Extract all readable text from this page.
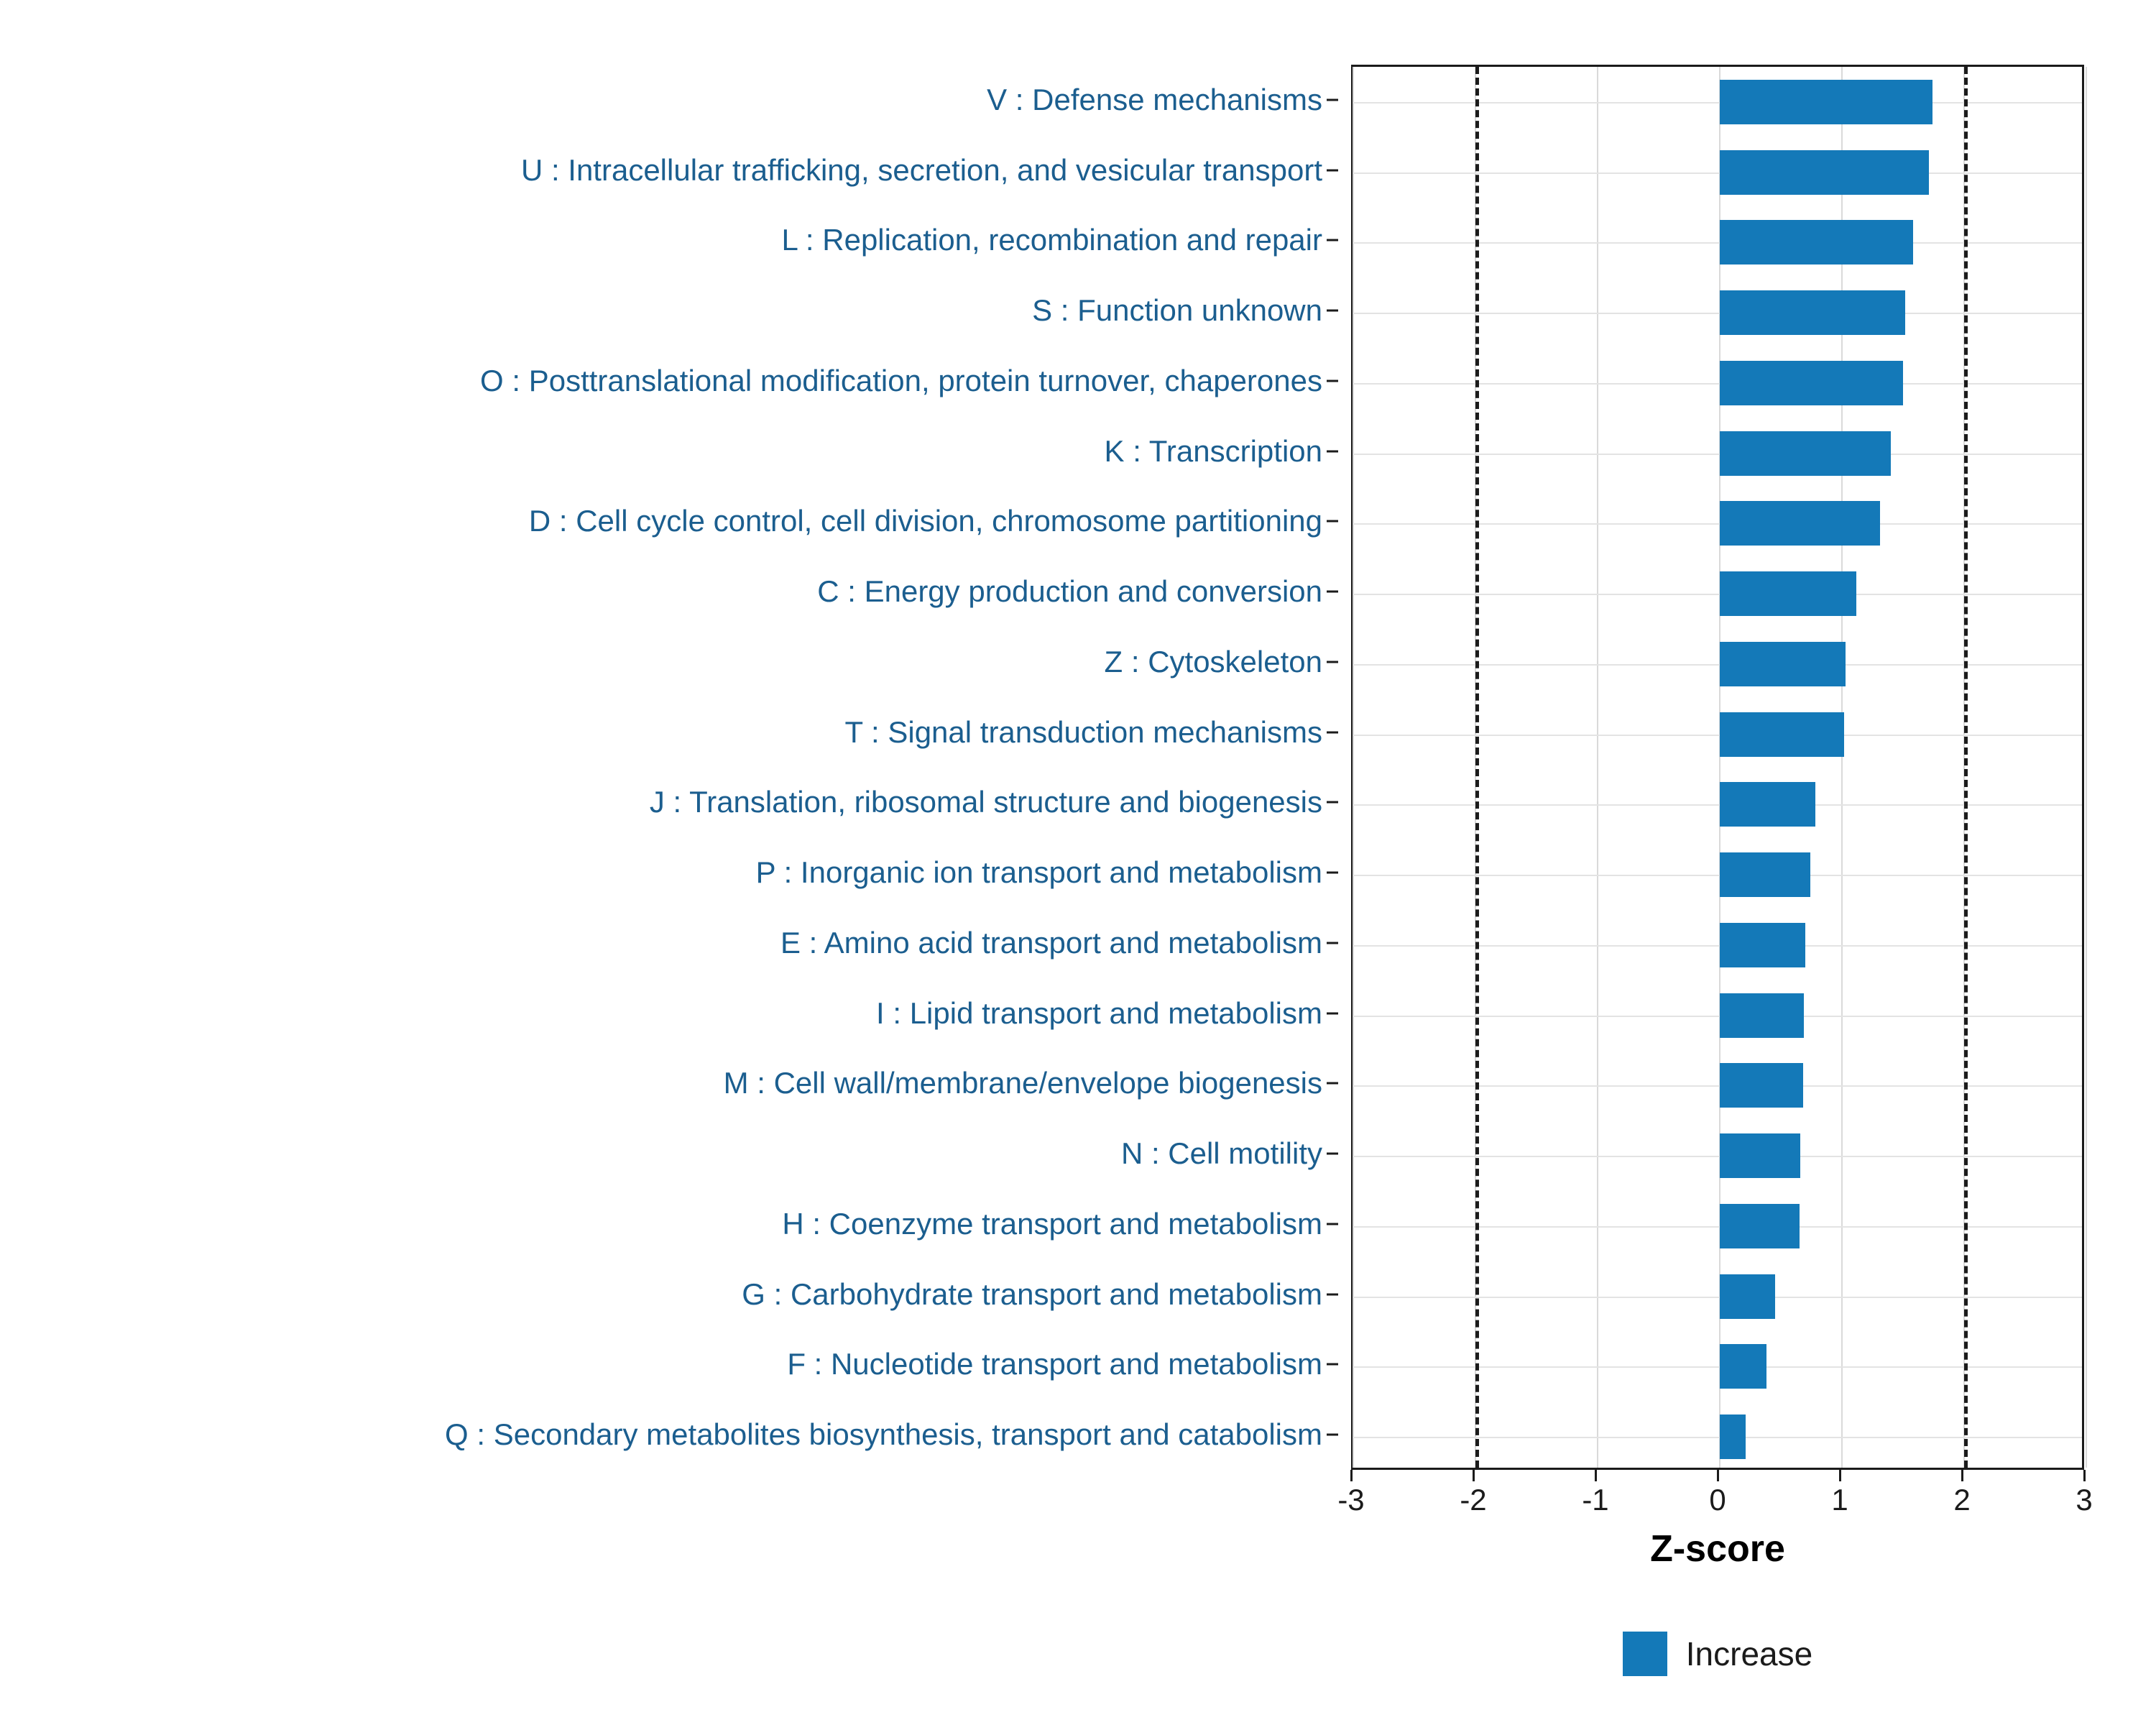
V : Defense mechanisms
U : Intracellular trafficking, secretion, and vesicular transport
L : Replication, recombination and repair
S : Function unknown
O : Posttranslational modification, protein turnover, chaperones
K : Transcription
D : Cell cycle control, cell division, chromosome partitioning
C : Energy production and conversion
Z : Cytoskeleton
T : Signal transduction mechanisms
J : Translation, ribosomal structure and biogenesis
P : Inorganic ion transport and metabolism
E : Amino acid transport and metabolism
I : Lipid transport and metabolism
M : Cell wall/membrane/envelope biogenesis
N : Cell motility
H : Coenzyme transport and metabolism
G : Carbohydrate transport and metabolism
F : Nucleotide transport and metabolism
Q : Secondary metabolites biosynthesis, transport and catabolism
-3	-2	-1	0	1	2	3
Z-score
Increase
